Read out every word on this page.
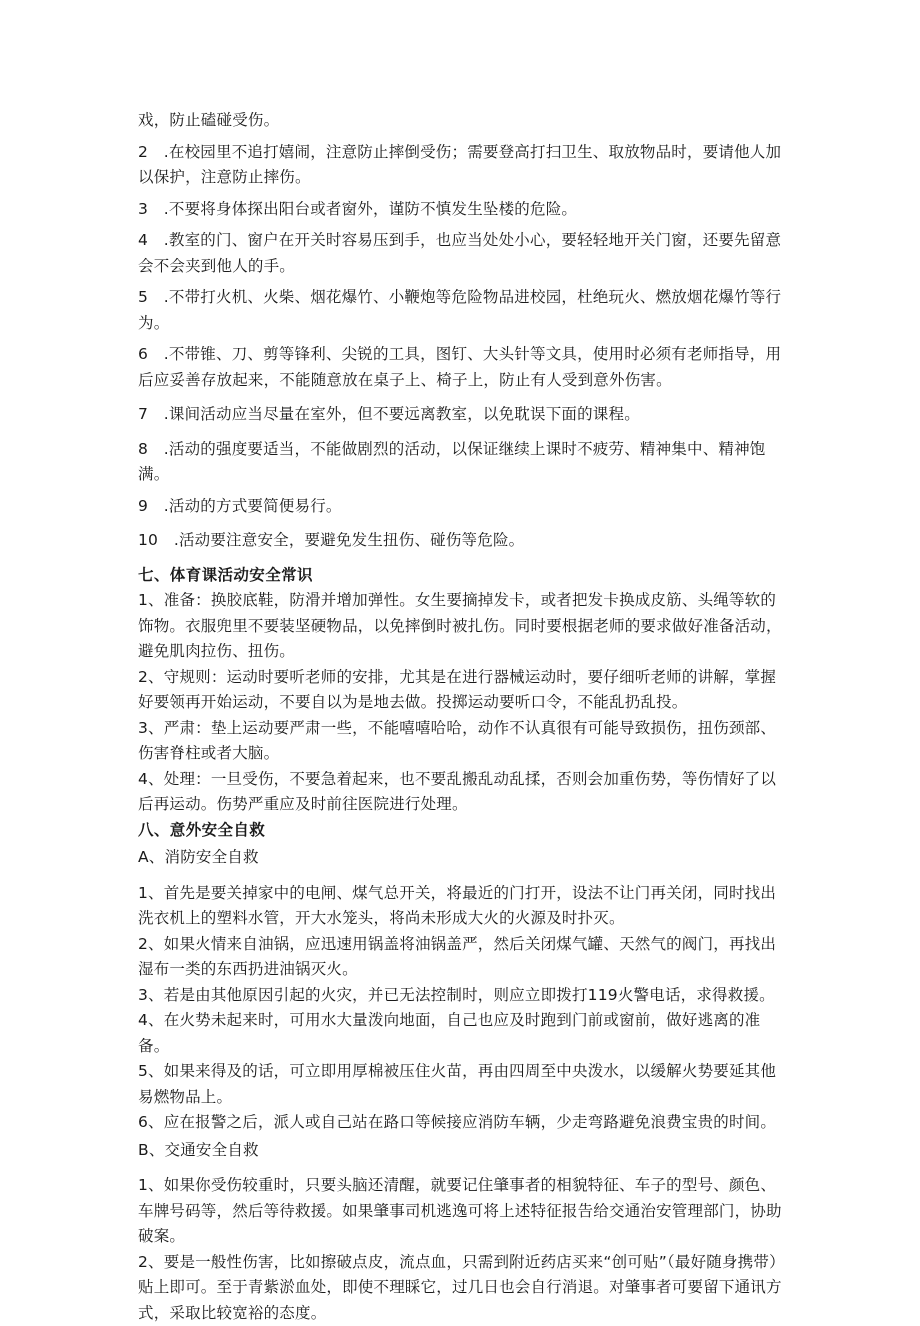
戏，防止磕碰受伤。

2　.在校园里不追打嬉闹，注意防止摔倒受伤；需要登高打扫卫生、取放物品时，要请他人加以保护，注意防止摔伤。

3　.不要将身体探出阳台或者窗外，谨防不慎发生坠楼的危险。

4　.教室的门、窗户在开关时容易压到手，也应当处处小心，要轻轻地开关门窗，还要先留意会不会夹到他人的手。

5　.不带打火机、火柴、烟花爆竹、小鞭炮等危险物品进校园，杜绝玩火、燃放烟花爆竹等行为。

6　.不带锥、刀、剪等锋利、尖锐的工具，图钉、大头针等文具，使用时必须有老师指导，用后应妥善存放起来，不能随意放在桌子上、椅子上，防止有人受到意外伤害。

7　.课间活动应当尽量在室外，但不要远离教室，以免耽误下面的课程。

8　.活动的强度要适当，不能做剧烈的活动，以保证继续上课时不疲劳、精神集中、精神饱满。

9　.活动的方式要简便易行。

10　.活动要注意安全，要避免发生扭伤、碰伤等危险。

七、体育课活动安全常识

1、准备：换胶底鞋，防滑并增加弹性。女生要摘掉发卡，或者把发卡换成皮筋、头绳等软的饰物。衣服兜里不要装坚硬物品，以免摔倒时被扎伤。同时要根据老师的要求做好准备活动，避免肌肉拉伤、扭伤。

2、守规则：运动时要听老师的安排，尤其是在进行器械运动时，要仔细听老师的讲解，掌握好要领再开始运动，不要自以为是地去做。投掷运动要听口令，不能乱扔乱投。

3、严肃：垫上运动要严肃一些，不能嘻嘻哈哈，动作不认真很有可能导致损伤，扭伤颈部、伤害脊柱或者大脑。

4、处理：一旦受伤，不要急着起来，也不要乱搬乱动乱揉，否则会加重伤势，等伤情好了以后再运动。伤势严重应及时前往医院进行处理。

八、意外安全自救

A、消防安全自救

1、首先是要关掉家中的电闸、煤气总开关，将最近的门打开，设法不让门再关闭，同时找出洗衣机上的塑料水管，开大水笼头，将尚未形成大火的火源及时扑灭。

2、如果火情来自油锅，应迅速用锅盖将油锅盖严，然后关闭煤气罐、天然气的阀门，再找出湿布一类的东西扔进油锅灭火。

3、若是由其他原因引起的火灾，并已无法控制时，则应立即拨打119火警电话，求得救援。

4、在火势未起来时，可用水大量泼向地面，自己也应及时跑到门前或窗前，做好逃离的准备。

5、如果来得及的话，可立即用厚棉被压住火苗，再由四周至中央泼水，以缓解火势要延其他易燃物品上。

6、应在报警之后，派人或自己站在路口等候接应消防车辆，少走弯路避免浪费宝贵的时间。

B、交通安全自救

1、如果你受伤较重时，只要头脑还清醒，就要记住肇事者的相貌特征、车子的型号、颜色、车牌号码等，然后等待救援。如果肇事司机逃逸可将上述特征报告给交通治安管理部门，协助破案。

2、要是一般性伤害，比如擦破点皮，流点血，只需到附近药店买来“创可贴”（最好随身携带）贴上即可。至于青紫淤血处，即使不理睬它，过几日也会自行消退。对肇事者可要留下通讯方式，采取比较宽裕的态度。
